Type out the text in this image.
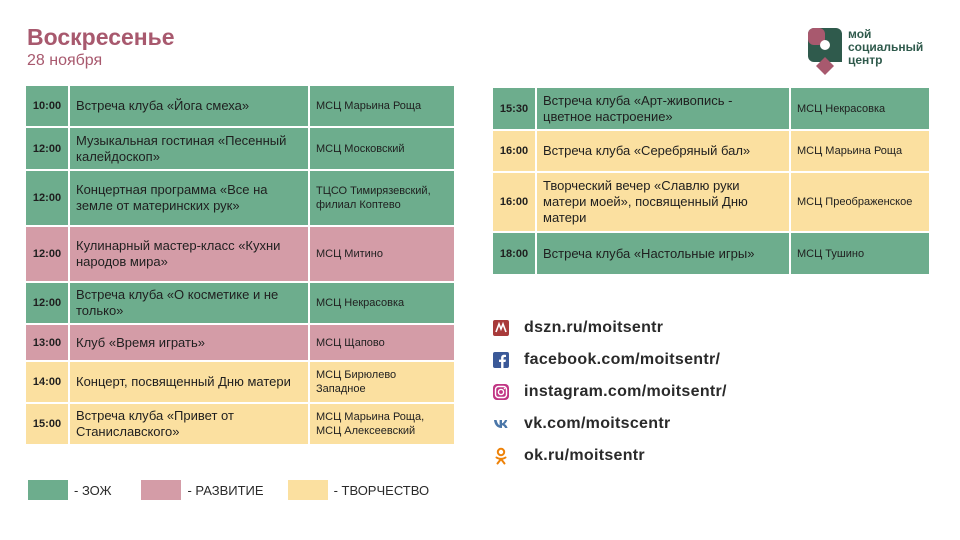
Воскресенье
28 ноября
мой
социальный
центр
10:00	Встреча клуба «Йога смеха»	МСЦ Марьина Роща
12:00	Музыкальная гостиная «Песенный калейдоскоп»	МСЦ Московский
12:00	Концертная программа «Все на земле от материнских рук»	ТЦСО Тимирязевский, филиал Коптево
12:00	Кулинарный мастер-класс «Кухни народов мира»	МСЦ Митино
12:00	Встреча клуба «О косметике и не только»	МСЦ Некрасовка
13:00	Клуб «Время играть»	МСЦ Щапово
14:00	Концерт, посвященный Дню матери	МСЦ Бирюлево Западное
15:00	Встреча клуба «Привет от Станиславского»	МСЦ Марьина Роща, МСЦ Алексеевский
15:30	Встреча клуба «Арт-живопись - цветное настроение»	МСЦ Некрасовка
16:00	Встреча клуба «Серебряный бал»	МСЦ Марьина Роща
16:00	Творческий вечер «Славлю руки матери моей», посвященный Дню матери	МСЦ Преображенское
18:00	Встреча клуба «Настольные игры»	МСЦ Тушино
dszn.ru/moitsentr
facebook.com/moitsentr/
instagram.com/moitsentr/
vk.com/moitscentr
ok.ru/moitsentr
- ЗОЖ	- РАЗВИТИЕ	- ТВОРЧЕСТВО
